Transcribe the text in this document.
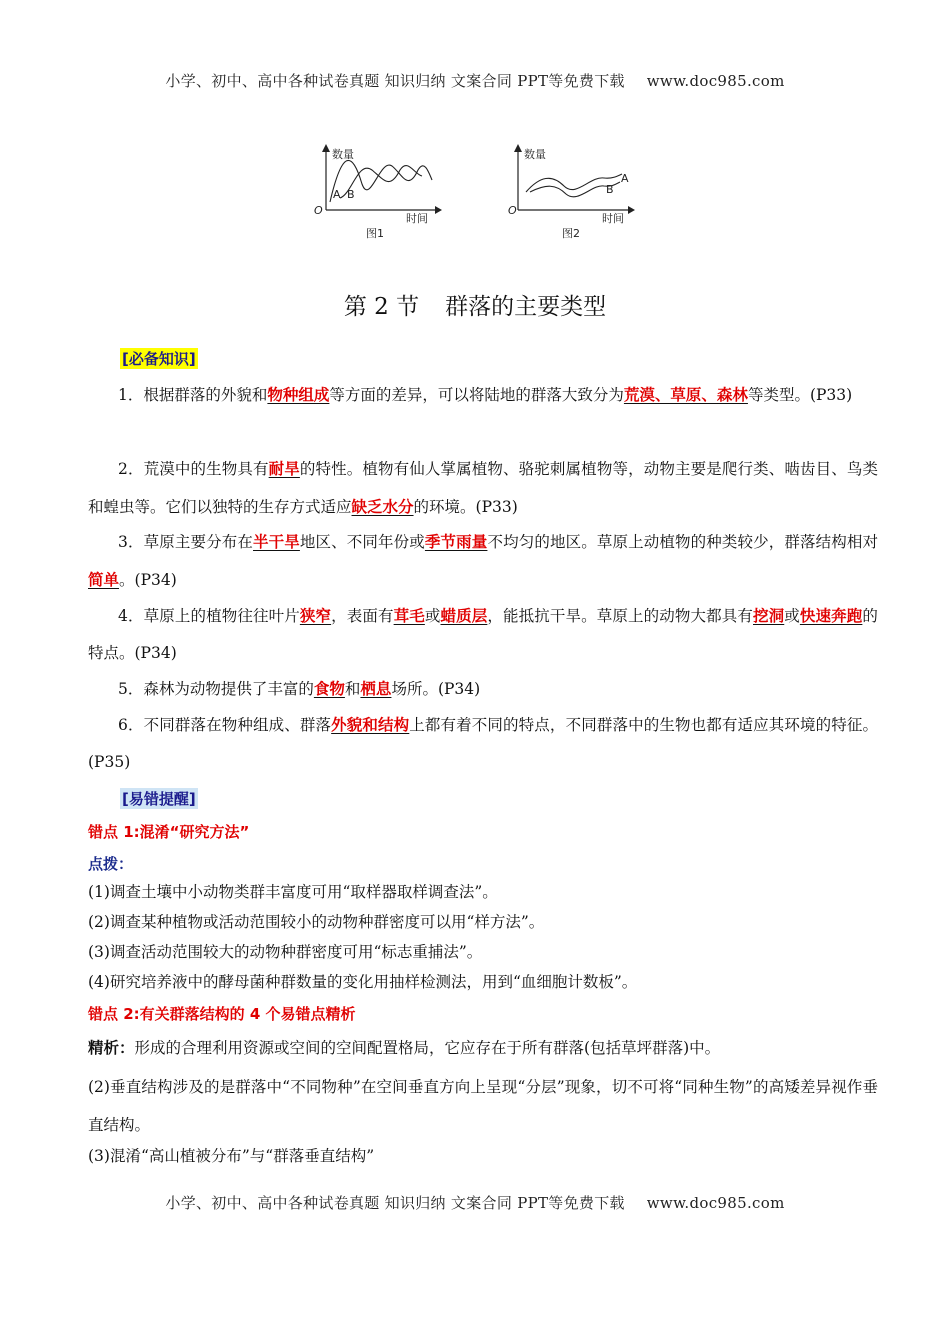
小学、初中、高中各种试卷真题 知识归纳 文案合同 PPT等免费下载 www.doc985.com
数量
时间
O
A B
图1
数量
时间
O
A
B
图2
第 2 节 群落的主要类型
[必备知识]
1．根据群落的外貌和物种组成等方面的差异，可以将陆地的群落大致分为荒漠、草原、森林等类型。(P33)
2．荒漠中的生物具有耐旱的特性。植物有仙人掌属植物、骆驼刺属植物等，动物主要是爬行类、啮齿目、鸟类和蝗虫等。它们以独特的生存方式适应缺乏水分的环境。(P33)
3．草原主要分布在半干旱地区、不同年份或季节雨量不均匀的地区。草原上动植物的种类较少，群落结构相对简单。(P34)
4．草原上的植物往往叶片狭窄，表面有茸毛或蜡质层，能抵抗干旱。草原上的动物大都具有挖洞或快速奔跑的特点。(P34)
5．森林为动物提供了丰富的食物和栖息场所。(P34)
6．不同群落在物种组成、群落外貌和结构上都有着不同的特点，不同群落中的生物也都有适应其环境的特征。(P35)
[易错提醒]
错点 1:混淆“研究方法”
点拨：
(1)调查土壤中小动物类群丰富度可用“取样器取样调查法”。
(2)调查某种植物或活动范围较小的动物种群密度可以用“样方法”。
(3)调查活动范围较大的动物种群密度可用“标志重捕法”。
(4)研究培养液中的酵母菌种群数量的变化用抽样检测法，用到“血细胞计数板”。
错点 2:有关群落结构的 4 个易错点精析
精析：形成的合理利用资源或空间的空间配置格局，它应存在于所有群落(包括草坪群落)中。
(2)垂直结构涉及的是群落中“不同物种”在空间垂直方向上呈现“分层”现象，切不可将“同种生物”的高矮差异视作垂直结构。
(3)混淆“高山植被分布”与“群落垂直结构”
小学、初中、高中各种试卷真题 知识归纳 文案合同 PPT等免费下载 www.doc985.com
